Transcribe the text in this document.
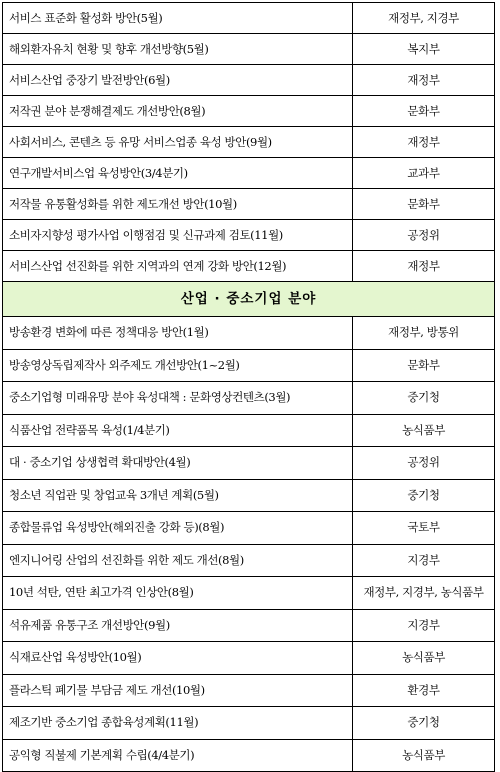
서비스 표준화 활성화 방안(5월)	재정부, 지경부
해외환자유치 현황 및 향후 개선방향(5월)	복지부
서비스산업 중장기 발전방안(6월)	재정부
저작권 분야 분쟁해결제도 개선방안(8월)	문화부
사회서비스, 콘텐츠 등 유망 서비스업종 육성 방안(9월)	재정부
연구개발서비스업 육성방안(3/4분기)	교과부
저작물 유통활성화를 위한 제도개선 방안(10월)	문화부
소비자지향성 평가사업 이행점검 및 신규과제 검토(11월)	공정위
서비스산업 선진화를 위한 지역과의 연계 강화 방안(12월)	재정부
산업 · 중소기업 분야	
방송환경 변화에 따른 정책대응 방안(1월)	재정부, 방통위
방송영상독립제작사 외주제도 개선방안(1~2월)	문화부
중소기업형 미래유망 분야 육성대책 : 문화영상컨텐츠(3월)	중기청
식품산업 전략품목 육성(1/4분기)	농식품부
대 · 중소기업 상생협력 확대방안(4월)	공정위
청소년 직업관 및 창업교육 3개년 계획(5월)	중기청
종합물류업 육성방안(해외진출 강화 등)(8월)	국토부
엔지니어링 산업의 선진화를 위한 제도 개선(8월)	지경부
10년 석탄, 연탄 최고가격 인상안(8월)	재정부, 지경부, 농식품부
석유제품 유통구조 개선방안(9월)	지경부
식재료산업 육성방안(10월)	농식품부
플라스틱 폐기물 부담금 제도 개선(10월)	환경부
제조기반 중소기업 종합육성계획(11월)	중기청
공익형 직불제 기본계획 수립(4/4분기)	농식품부
